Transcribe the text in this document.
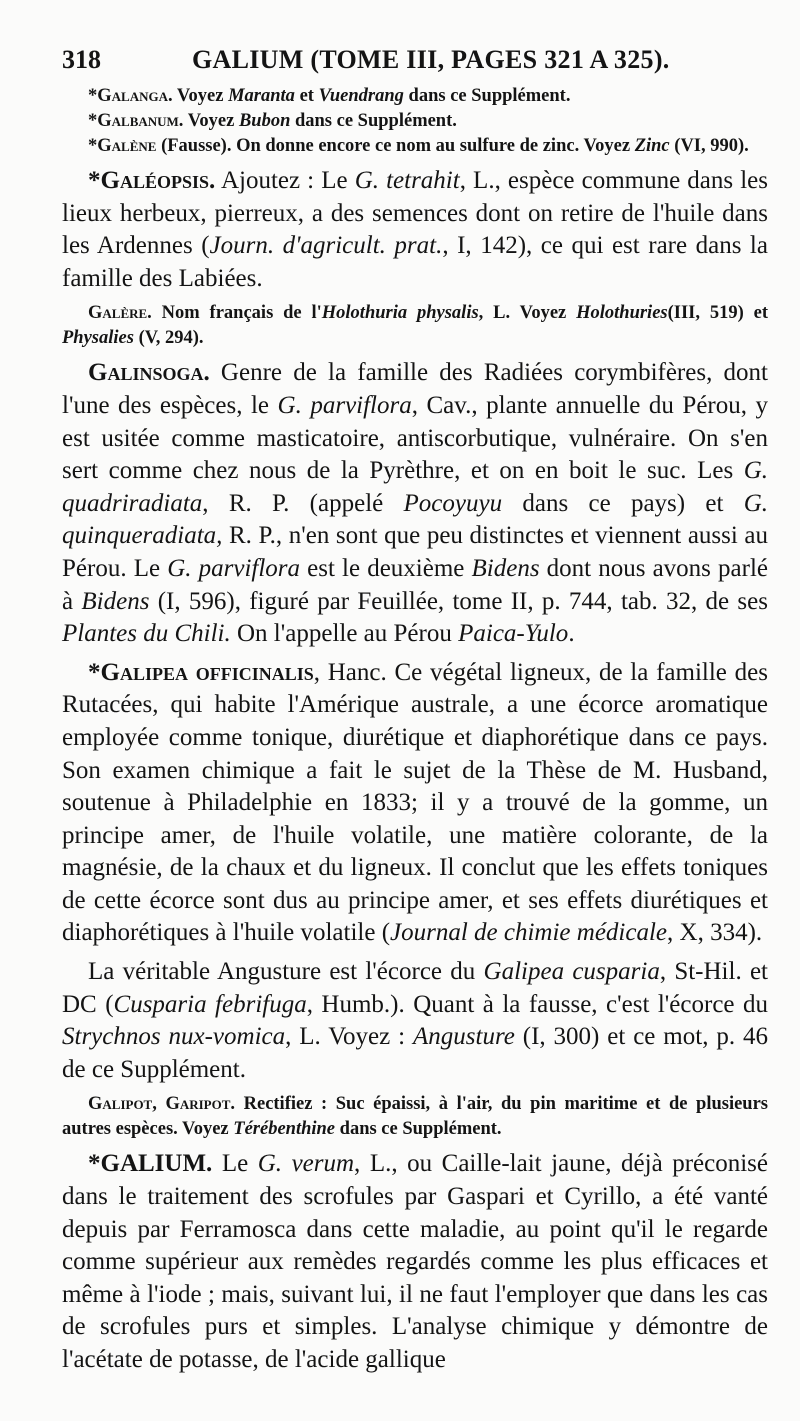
318	GALIUM (TOME III, PAGES 321 A 325).

*Galanga. Voyez Maranta et Vuendrang dans ce Supplément.

*Galbanum. Voyez Bubon dans ce Supplément.

*Galène (Fausse). On donne encore ce nom au sulfure de zinc. Voyez Zinc (VI, 990).

*Galéopsis. Ajoutez : Le G. tetrahit, L., espèce commune dans les lieux herbeux, pierreux, a des semences dont on retire de l'huile dans les Ardennes (Journ. d'agricult. prat., I, 142), ce qui est rare dans la famille des Labiées.

Galère. Nom français de l'Holothuria physalis, L. Voyez Holothuries(III, 519) et Physalies (V, 294).

Galinsoga. Genre de la famille des Radiées corymbifères, dont l'une des espèces, le G. parviflora, Cav., plante annuelle du Pérou, y est usitée comme masticatoire, antiscorbutique, vulnéraire. On s'en sert comme chez nous de la Pyrèthre, et on en boit le suc. Les G. quadriradiata, R. P. (appelé Pocoyuyu dans ce pays) et G. quinqueradiata, R. P., n'en sont que peu distinctes et viennent aussi au Pérou. Le G. parviflora est le deuxième Bidens dont nous avons parlé à Bidens (I, 596), figuré par Feuillée, tome II, p. 744, tab. 32, de ses Plantes du Chili. On l'appelle au Pérou Paica-Yulo.

*Galipea officinalis, Hanc. Ce végétal ligneux, de la famille des Rutacées, qui habite l'Amérique australe, a une écorce aromatique employée comme tonique, diurétique et diaphorétique dans ce pays. Son examen chimique a fait le sujet de la Thèse de M. Husband, soutenue à Philadelphie en 1833; il y a trouvé de la gomme, un principe amer, de l'huile volatile, une matière colorante, de la magnésie, de la chaux et du ligneux. Il conclut que les effets toniques de cette écorce sont dus au principe amer, et ses effets diurétiques et diaphorétiques à l'huile volatile (Journal de chimie médicale, X, 334).

La véritable Angusture est l'écorce du Galipea cusparia, St-Hil. et DC (Cusparia febrifuga, Humb.). Quant à la fausse, c'est l'écorce du Strychnos nux-vomica, L. Voyez : Angusture (I, 300) et ce mot, p. 46 de ce Supplément.

Galipot, Garipot. Rectifiez : Suc épaissi, à l'air, du pin maritime et de plusieurs autres espèces. Voyez Térébenthine dans ce Supplément.

*GALIUM. Le G. verum, L., ou Caille-lait jaune, déjà préconisé dans le traitement des scrofules par Gaspari et Cyrillo, a été vanté depuis par Ferramosca dans cette maladie, au point qu'il le regarde comme supérieur aux remèdes regardés comme les plus efficaces et même à l'iode ; mais, suivant lui, il ne faut l'employer que dans les cas de scrofules purs et simples. L'analyse chimique y démontre de l'acétate de potasse, de l'acide gallique
